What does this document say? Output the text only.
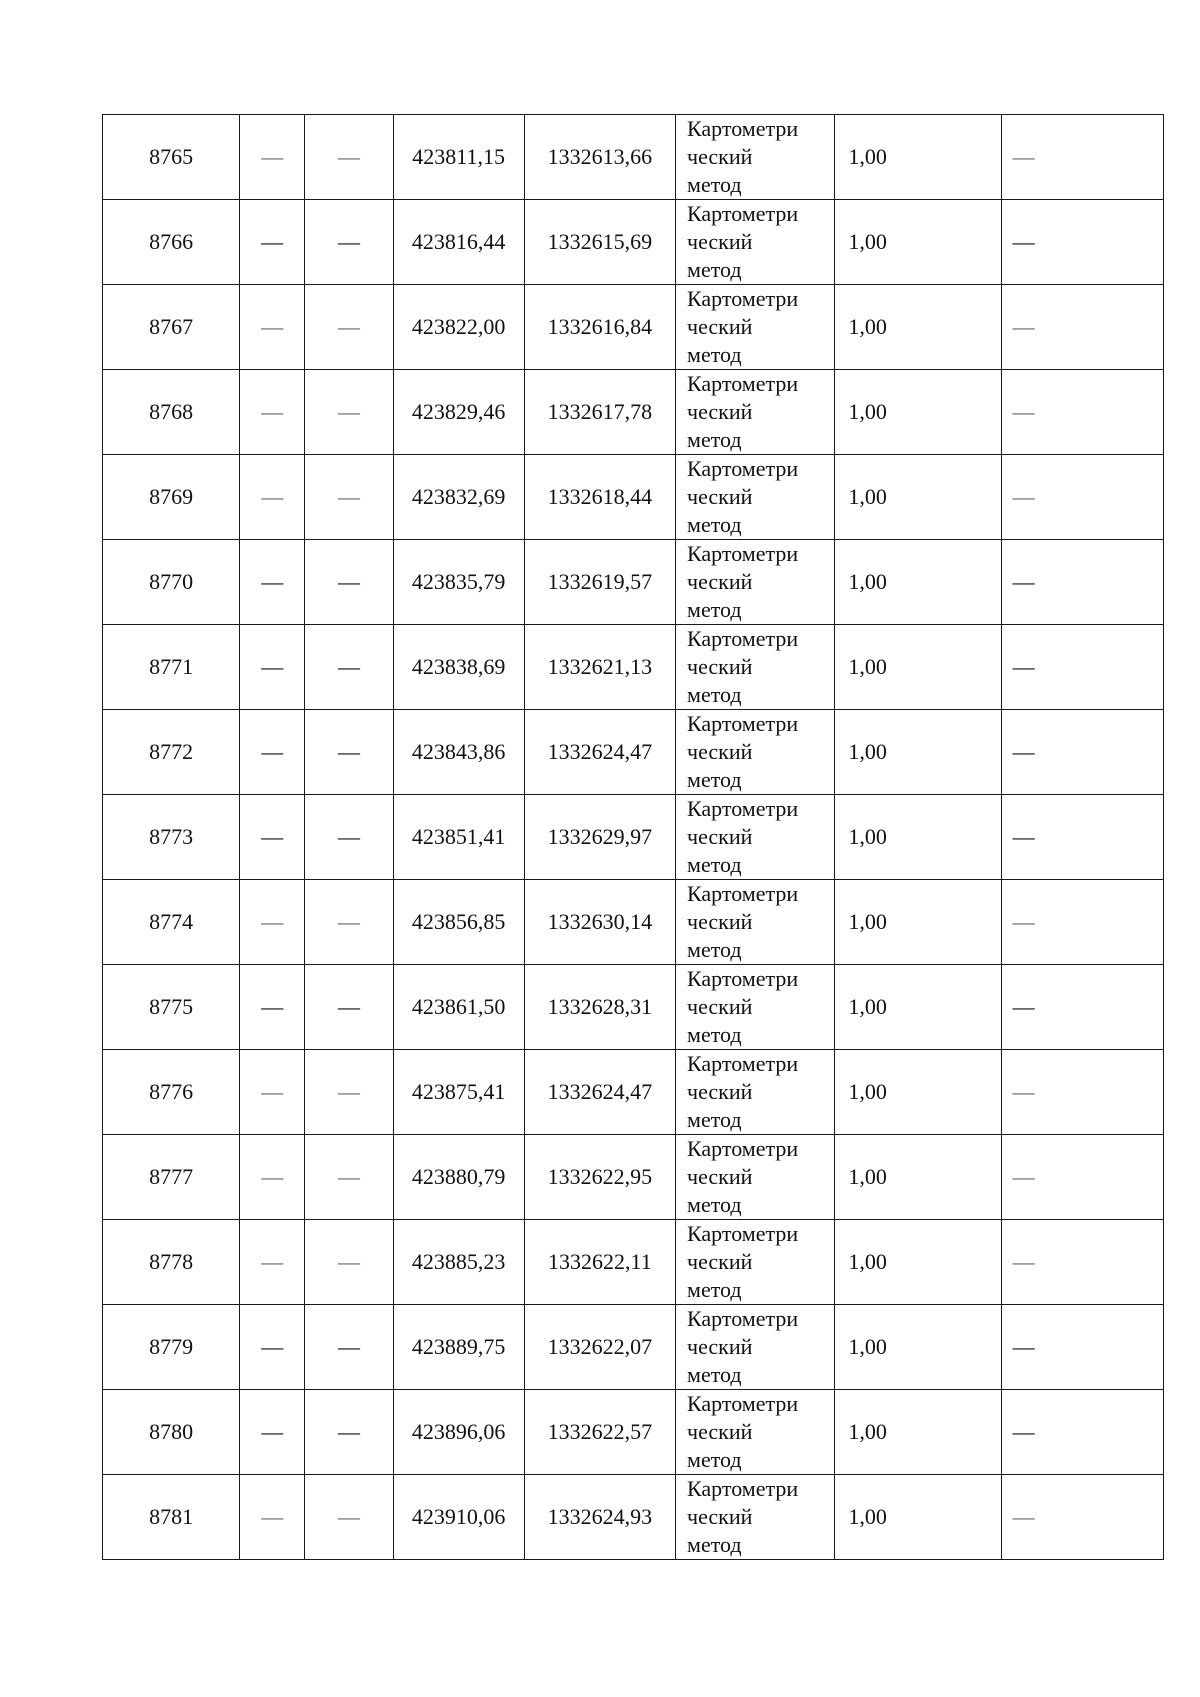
8765	—	—	423811,15	1332613,66	Картометри
ческий
метод	1,00	—
8766	—	—	423816,44	1332615,69	Картометри
ческий
метод	1,00	—
8767	—	—	423822,00	1332616,84	Картометри
ческий
метод	1,00	—
8768	—	—	423829,46	1332617,78	Картометри
ческий
метод	1,00	—
8769	—	—	423832,69	1332618,44	Картометри
ческий
метод	1,00	—
8770	—	—	423835,79	1332619,57	Картометри
ческий
метод	1,00	—
8771	—	—	423838,69	1332621,13	Картометри
ческий
метод	1,00	—
8772	—	—	423843,86	1332624,47	Картометри
ческий
метод	1,00	—
8773	—	—	423851,41	1332629,97	Картометри
ческий
метод	1,00	—
8774	—	—	423856,85	1332630,14	Картометри
ческий
метод	1,00	—
8775	—	—	423861,50	1332628,31	Картометри
ческий
метод	1,00	—
8776	—	—	423875,41	1332624,47	Картометри
ческий
метод	1,00	—
8777	—	—	423880,79	1332622,95	Картометри
ческий
метод	1,00	—
8778	—	—	423885,23	1332622,11	Картометри
ческий
метод	1,00	—
8779	—	—	423889,75	1332622,07	Картометри
ческий
метод	1,00	—
8780	—	—	423896,06	1332622,57	Картометри
ческий
метод	1,00	—
8781	—	—	423910,06	1332624,93	Картометри
ческий
метод	1,00	—
